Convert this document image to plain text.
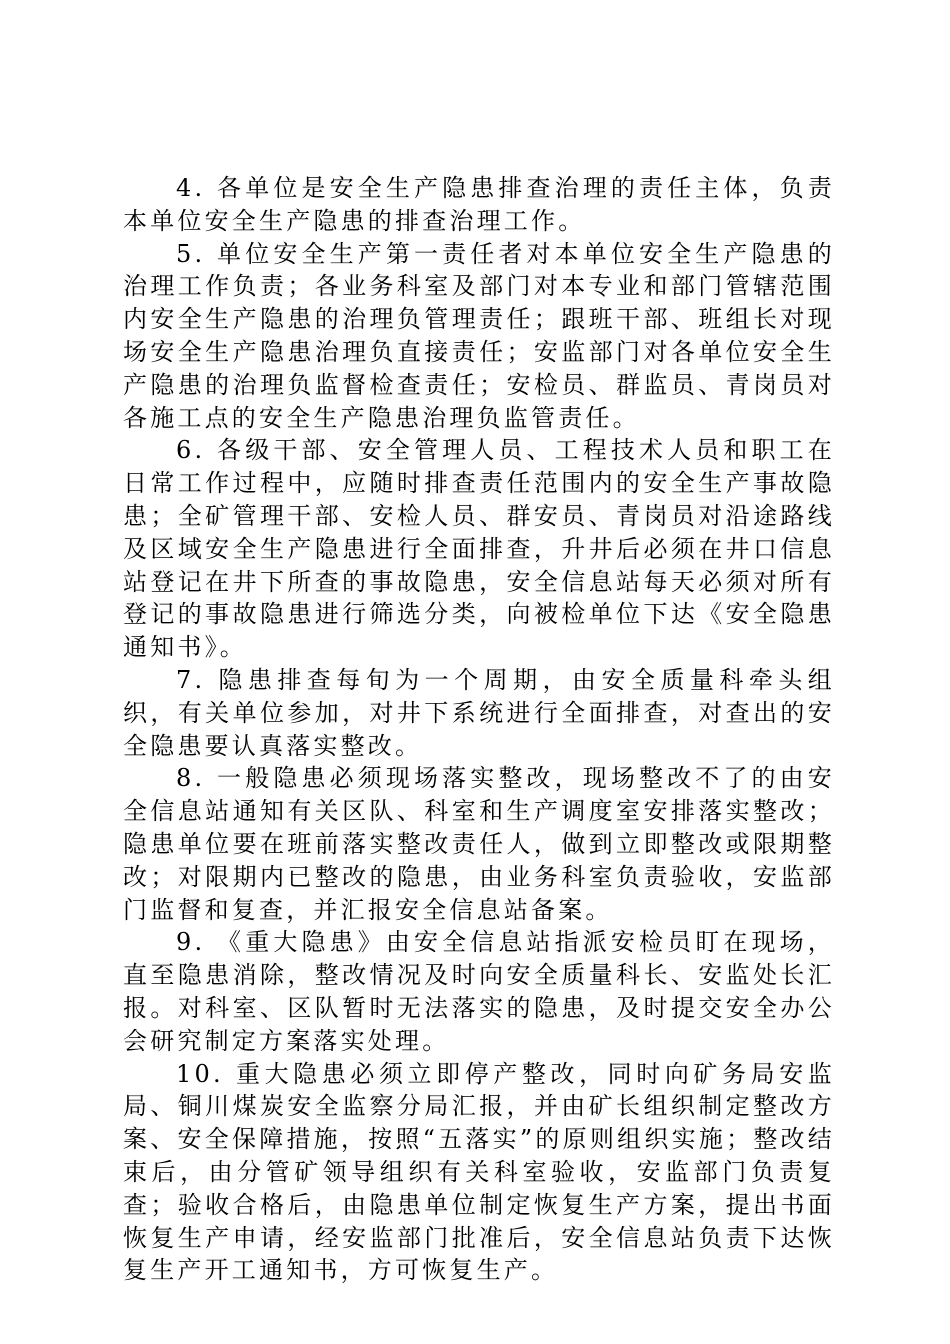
4. 各单位是安全生产隐患排查治理的责任主体，负责本单位安全生产隐患的排查治理工作。

5. 单位安全生产第一责任者对本单位安全生产隐患的治理工作负责；各业务科室及部门对本专业和部门管辖范围内安全生产隐患的治理负管理责任；跟班干部、班组长对现场安全生产隐患治理负直接责任；安监部门对各单位安全生产隐患的治理负监督检查责任；安检员、群监员、青岗员对各施工点的安全生产隐患治理负监管责任。

6. 各级干部、安全管理人员、工程技术人员和职工在日常工作过程中，应随时排查责任范围内的安全生产事故隐患；全矿管理干部、安检人员、群安员、青岗员对沿途路线及区域安全生产隐患进行全面排查，升井后必须在井口信息站登记在井下所查的事故隐患，安全信息站每天必须对所有登记的事故隐患进行筛选分类，向被检单位下达《安全隐患通知书》。

7. 隐患排查每旬为一个周期，由安全质量科牵头组织，有关单位参加，对井下系统进行全面排查，对查出的安全隐患要认真落实整改。

8. 一般隐患必须现场落实整改，现场整改不了的由安全信息站通知有关区队、科室和生产调度室安排落实整改；隐患单位要在班前落实整改责任人，做到立即整改或限期整改；对限期内已整改的隐患，由业务科室负责验收，安监部门监督和复查，并汇报安全信息站备案。

9. 《重大隐患》由安全信息站指派安检员盯在现场，直至隐患消除，整改情况及时向安全质量科长、安监处长汇报。对科室、区队暂时无法落实的隐患，及时提交安全办公会研究制定方案落实处理。

10. 重大隐患必须立即停产整改，同时向矿务局安监局、铜川煤炭安全监察分局汇报，并由矿长组织制定整改方案、安全保障措施，按照“五落实”的原则组织实施；整改结束后，由分管矿领导组织有关科室验收，安监部门负责复查；验收合格后，由隐患单位制定恢复生产方案，提出书面恢复生产申请，经安监部门批准后，安全信息站负责下达恢复生产开工通知书，方可恢复生产。
